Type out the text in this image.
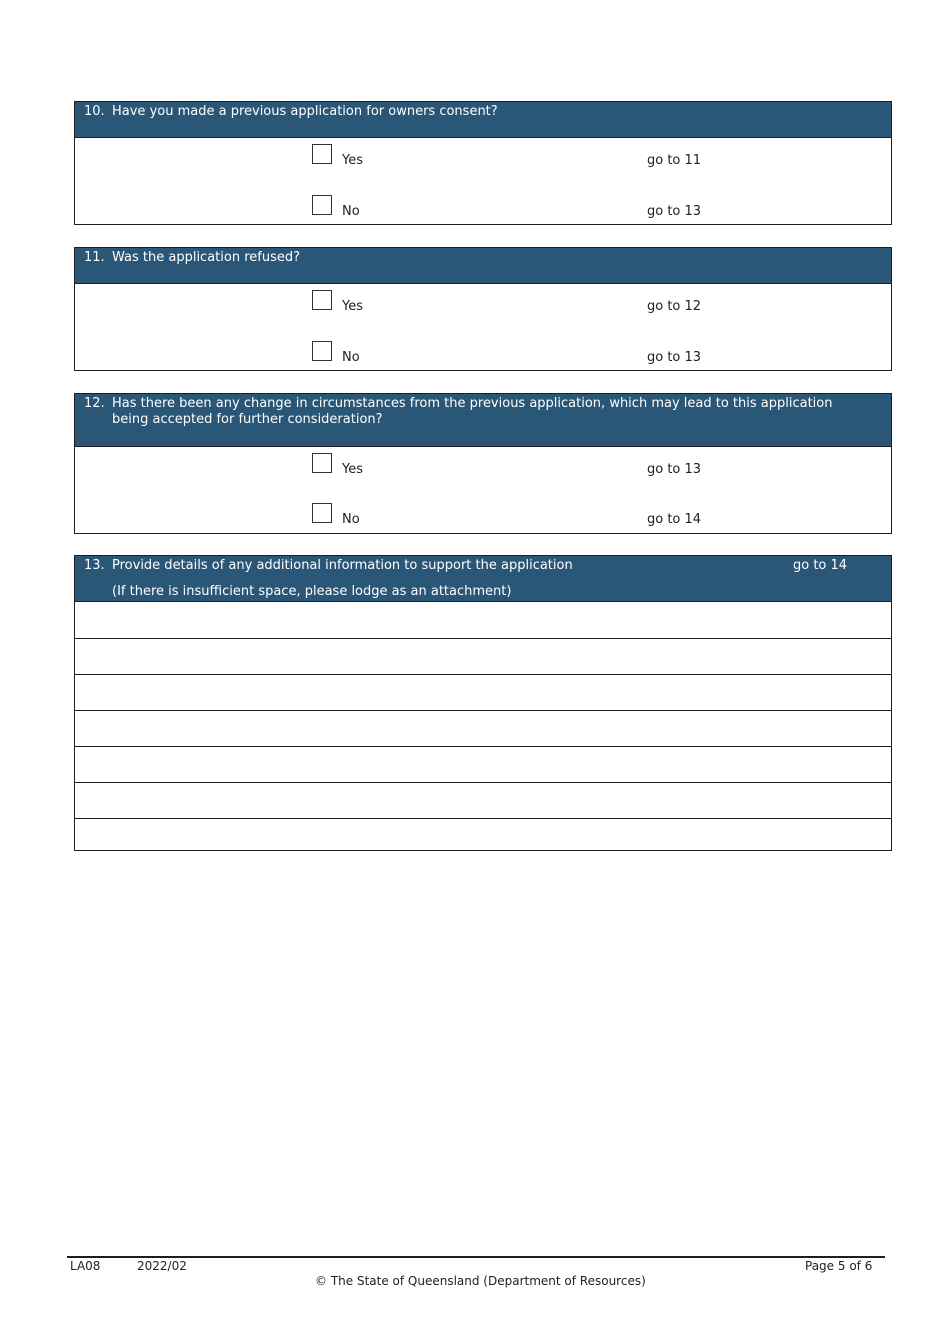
10. Have you made a previous application for owners consent?
Yes	go to 11
No	go to 13
11. Was the application refused?
Yes	go to 12
No	go to 13
12. Has there been any change in circumstances from the previous application, which may lead to this application being accepted for further consideration?
Yes	go to 13
No	go to 14
13. Provide details of any additional information to support the application	go to 14
(If there is insufficient space, please lodge as an attachment)
LA08	2022/02	Page 5 of 6
© The State of Queensland (Department of Resources)
